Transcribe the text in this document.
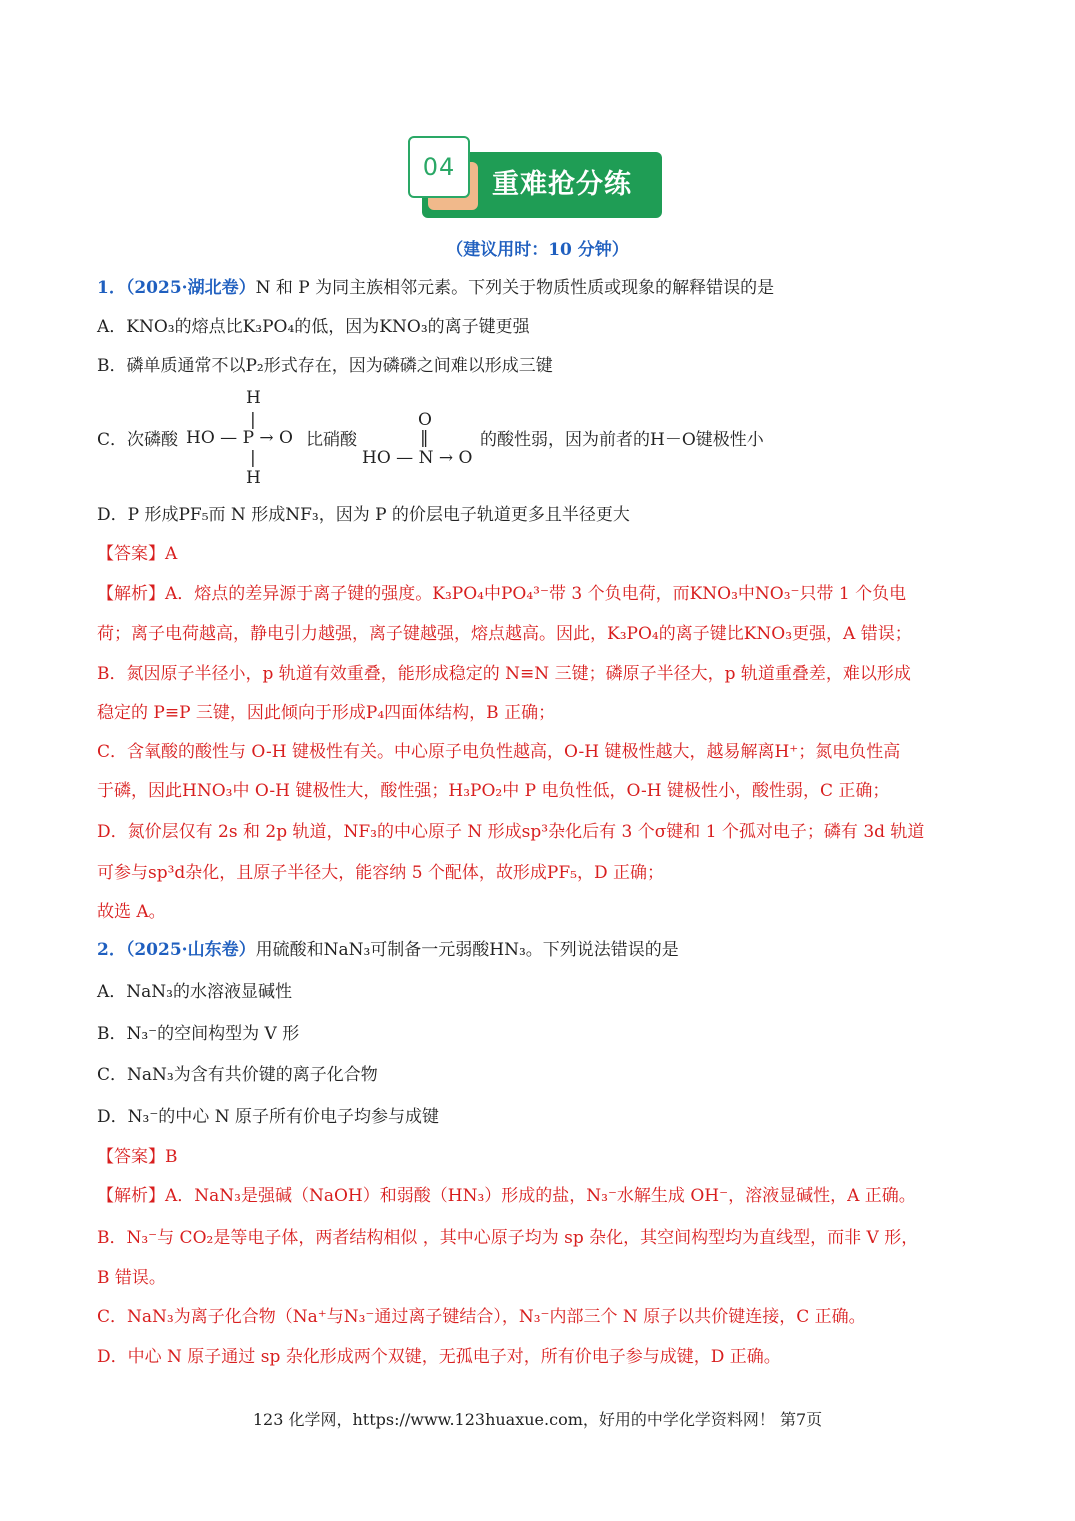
重难抢分练
04
（建议用时：10 分钟）
1．（2025·湖北卷）N 和 P 为同主族相邻元素。下列关于物质性质或现象的解释错误的是
A．KNO₃的熔点比K₃PO₄的低，因为KNO₃的离子键更强
B．磷单质通常不以P₂形式存在，因为磷磷之间难以形成三键
C．次磷酸
H
|
HO — P → O
|
H
比硝酸
O
‖
HO — N → O
的酸性弱，因为前者的H－O键极性小
D．P 形成PF₅而 N 形成NF₃，因为 P 的价层电子轨道更多且半径更大
【答案】A
【解析】A．熔点的差异源于离子键的强度。K₃PO₄中PO₄³⁻带 3 个负电荷，而KNO₃中NO₃⁻只带 1 个负电
荷；离子电荷越高，静电引力越强，离子键越强，熔点越高。因此，K₃PO₄的离子键比KNO₃更强，A 错误；
B．氮因原子半径小，p 轨道有效重叠，能形成稳定的 N≡N 三键；磷原子半径大，p 轨道重叠差，难以形成
稳定的 P≡P 三键，因此倾向于形成P₄四面体结构，B 正确；
C．含氧酸的酸性与 O-H 键极性有关。中心原子电负性越高，O-H 键极性越大，越易解离H⁺；氮电负性高
于磷，因此HNO₃中 O-H 键极性大，酸性强；H₃PO₂中 P 电负性低，O-H 键极性小，酸性弱，C 正确；
D．氮价层仅有 2s 和 2p 轨道，NF₃的中心原子 N 形成sp³杂化后有 3 个σ键和 1 个孤对电子；磷有 3d 轨道
可参与sp³d杂化，且原子半径大，能容纳 5 个配体，故形成PF₅，D 正确；
故选 A。
2．（2025·山东卷）用硫酸和NaN₃可制备一元弱酸HN₃。下列说法错误的是
A．NaN₃的水溶液显碱性
B．N₃⁻的空间构型为 V 形
C．NaN₃为含有共价键的离子化合物
D．N₃⁻的中心 N 原子所有价电子均参与成键
【答案】B
【解析】A．NaN₃是强碱（NaOH）和弱酸（HN₃）形成的盐，N₃⁻水解生成 OH⁻，溶液显碱性，A 正确。
B．N₃⁻与 CO₂是等电子体，两者结构相似 ，其中心原子均为 sp 杂化，其空间构型均为直线型，而非 V 形，
B 错误。
C．NaN₃为离子化合物（Na⁺与N₃⁻通过离子键结合），N₃⁻内部三个 N 原子以共价键连接，C 正确。
D．中心 N 原子通过 sp 杂化形成两个双键，无孤电子对，所有价电子参与成键，D 正确。
123 化学网，https://www.123huaxue.com，好用的中学化学资料网！ 第7页
